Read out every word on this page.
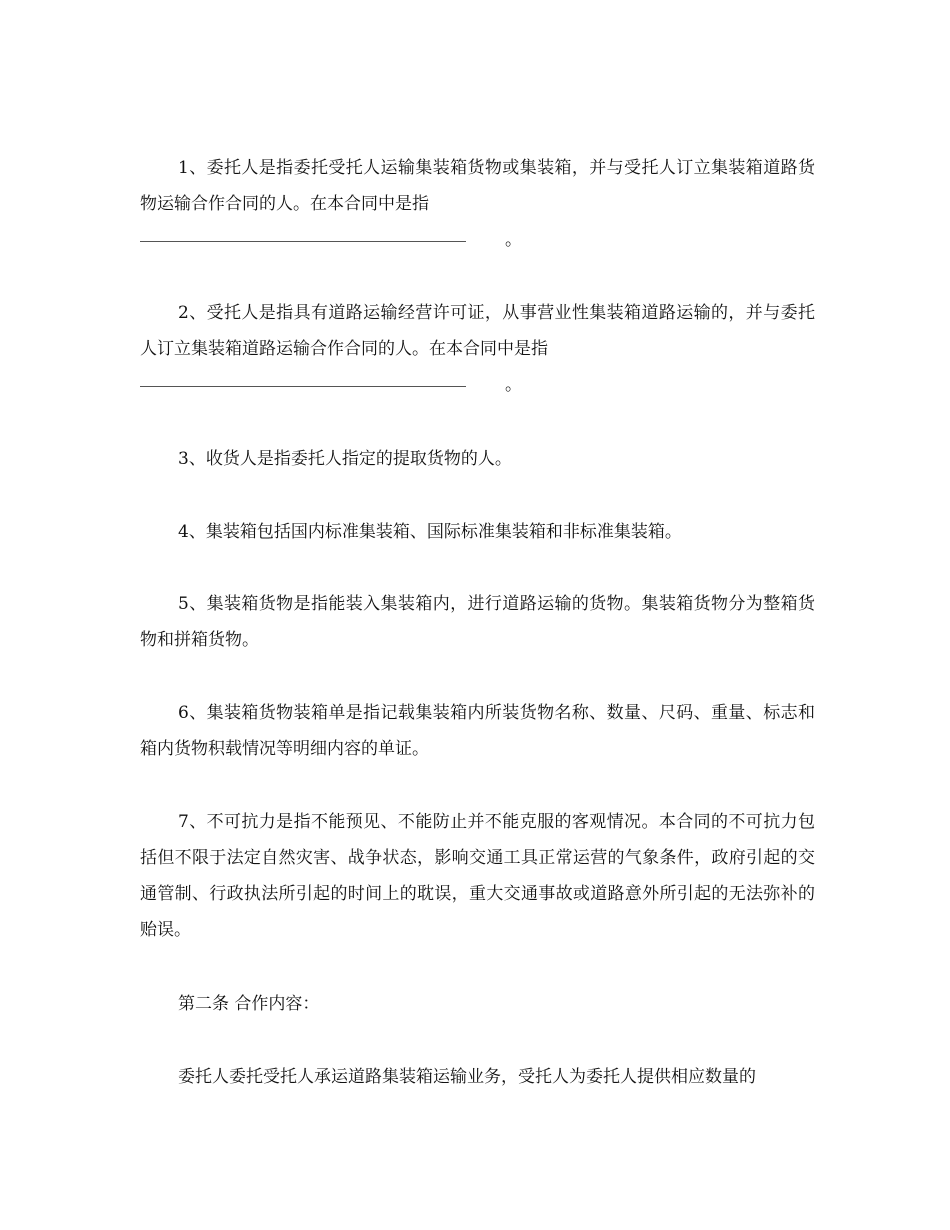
1、委托人是指委托受托人运输集装箱货物或集装箱，并与受托人订立集装箱道路货物运输合作合同的人。在本合同中是指
。
2、受托人是指具有道路运输经营许可证，从事营业性集装箱道路运输的，并与委托人订立集装箱道路运输合作合同的人。在本合同中是指
。

3、收货人是指委托人指定的提取货物的人。

4、集装箱包括国内标准集装箱、国际标准集装箱和非标准集装箱。

5、集装箱货物是指能装入集装箱内，进行道路运输的货物。集装箱货物分为整箱货物和拼箱货物。

6、集装箱货物装箱单是指记载集装箱内所装货物名称、数量、尺码、重量、标志和箱内货物积载情况等明细内容的单证。

7、不可抗力是指不能预见、不能防止并不能克服的客观情况。本合同的不可抗力包括但不限于法定自然灾害、战争状态，影响交通工具正常运营的气象条件，政府引起的交通管制、行政执法所引起的时间上的耽误，重大交通事故或道路意外所引起的无法弥补的贻误。

第二条 合作内容：

委托人委托受托人承运道路集装箱运输业务，受托人为委托人提供相应数量的
